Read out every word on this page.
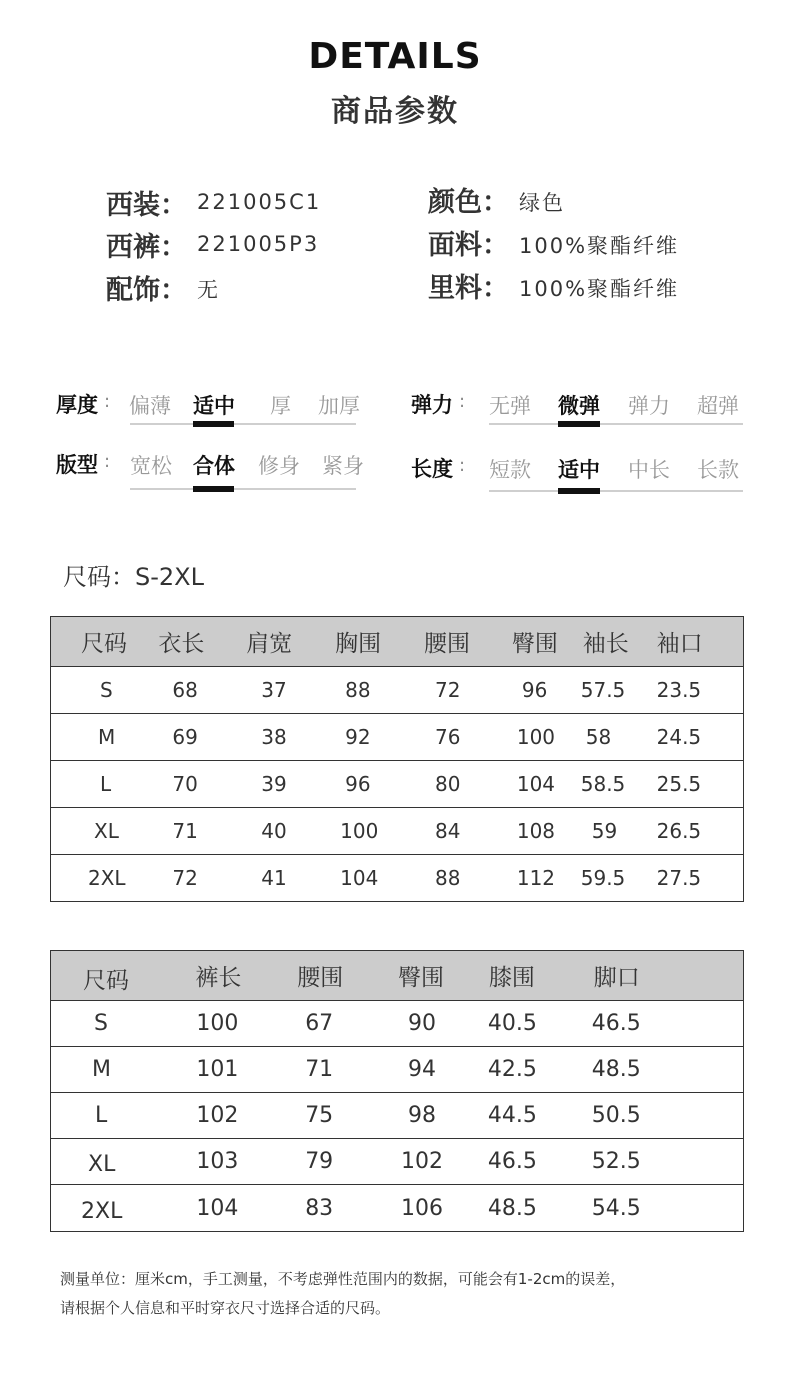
DETAILS
商品参数
西装： 221005C1
西裤： 221005P3
配饰： 无
颜色： 绿色
面料： 100%聚酯纤维
里料： 100%聚酯纤维
厚度 : 偏薄 适中 厚 加厚 弹力 : 无弹 微弹 弹力 超弹
版型 : 宽松 合体 修身 紧身 长度 : 短款 适中 中长 长款
尺码：S-2XL
尺码	衣长	肩宽	胸围	腰围	臀围	袖长	袖口
S	68	37	88	72	96	57.5	23.5
M	69	38	92	76	100	58	24.5
L	70	39	96	80	104	58.5	25.5
XL	71	40	100	84	108	59	26.5
2XL	72	41	104	88	112	59.5	27.5
尺码	裤长	腰围	臀围	膝围	脚口
S	100	67	90	40.5	46.5
M	101	71	94	42.5	48.5
L	102	75	98	44.5	50.5
XL	103	79	102	46.5	52.5
2XL	104	83	106	48.5	54.5
测量单位：厘米cm，手工测量，不考虑弹性范围内的数据，可能会有1-2cm的误差，
请根据个人信息和平时穿衣尺寸选择合适的尺码。
